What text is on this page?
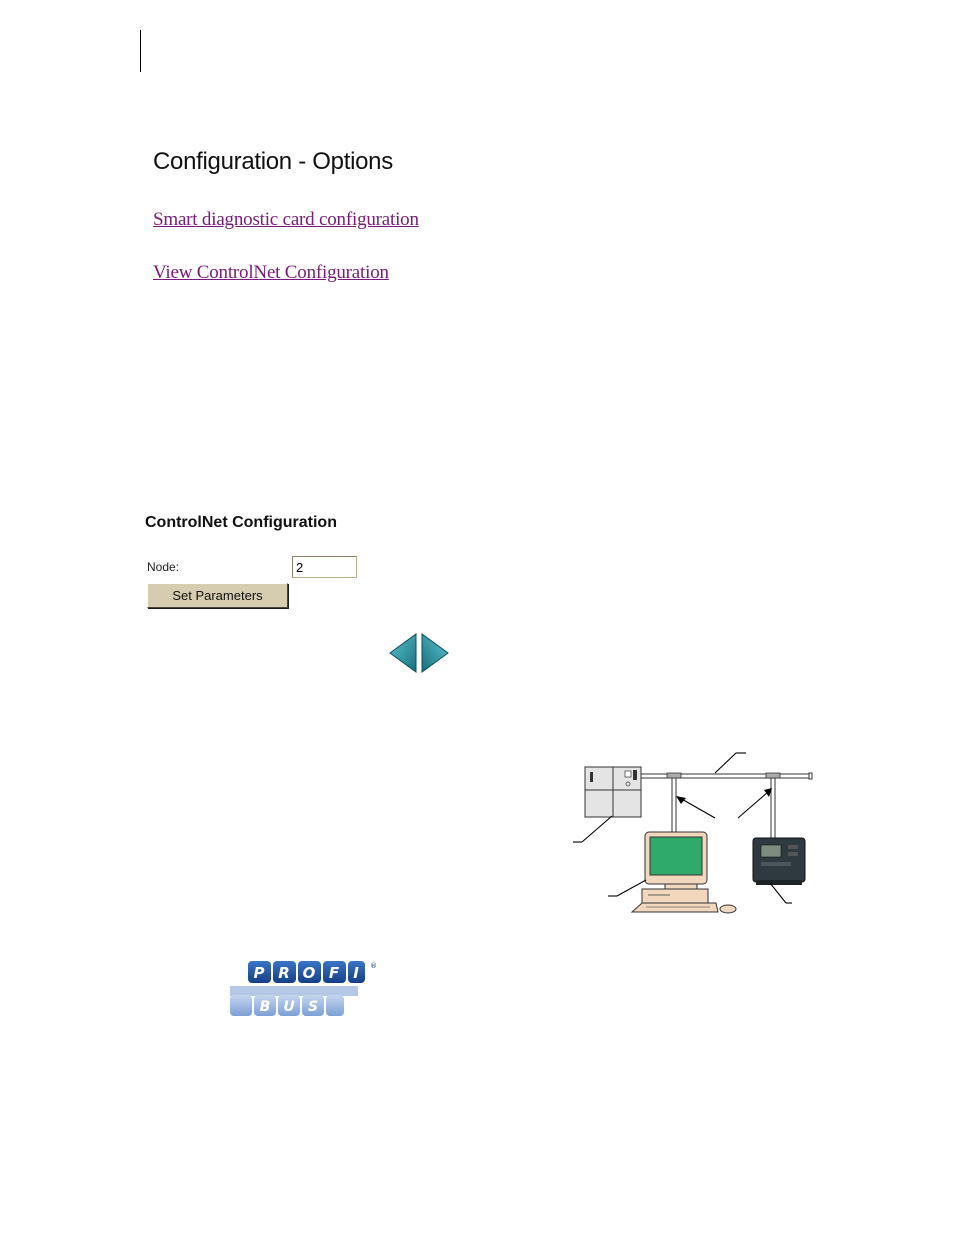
Configuration - Options
Smart diagnostic card configuration
View ControlNet Configuration
ControlNet Configuration
Node:
2
Set Parameters
P R O F I ®
B U S
